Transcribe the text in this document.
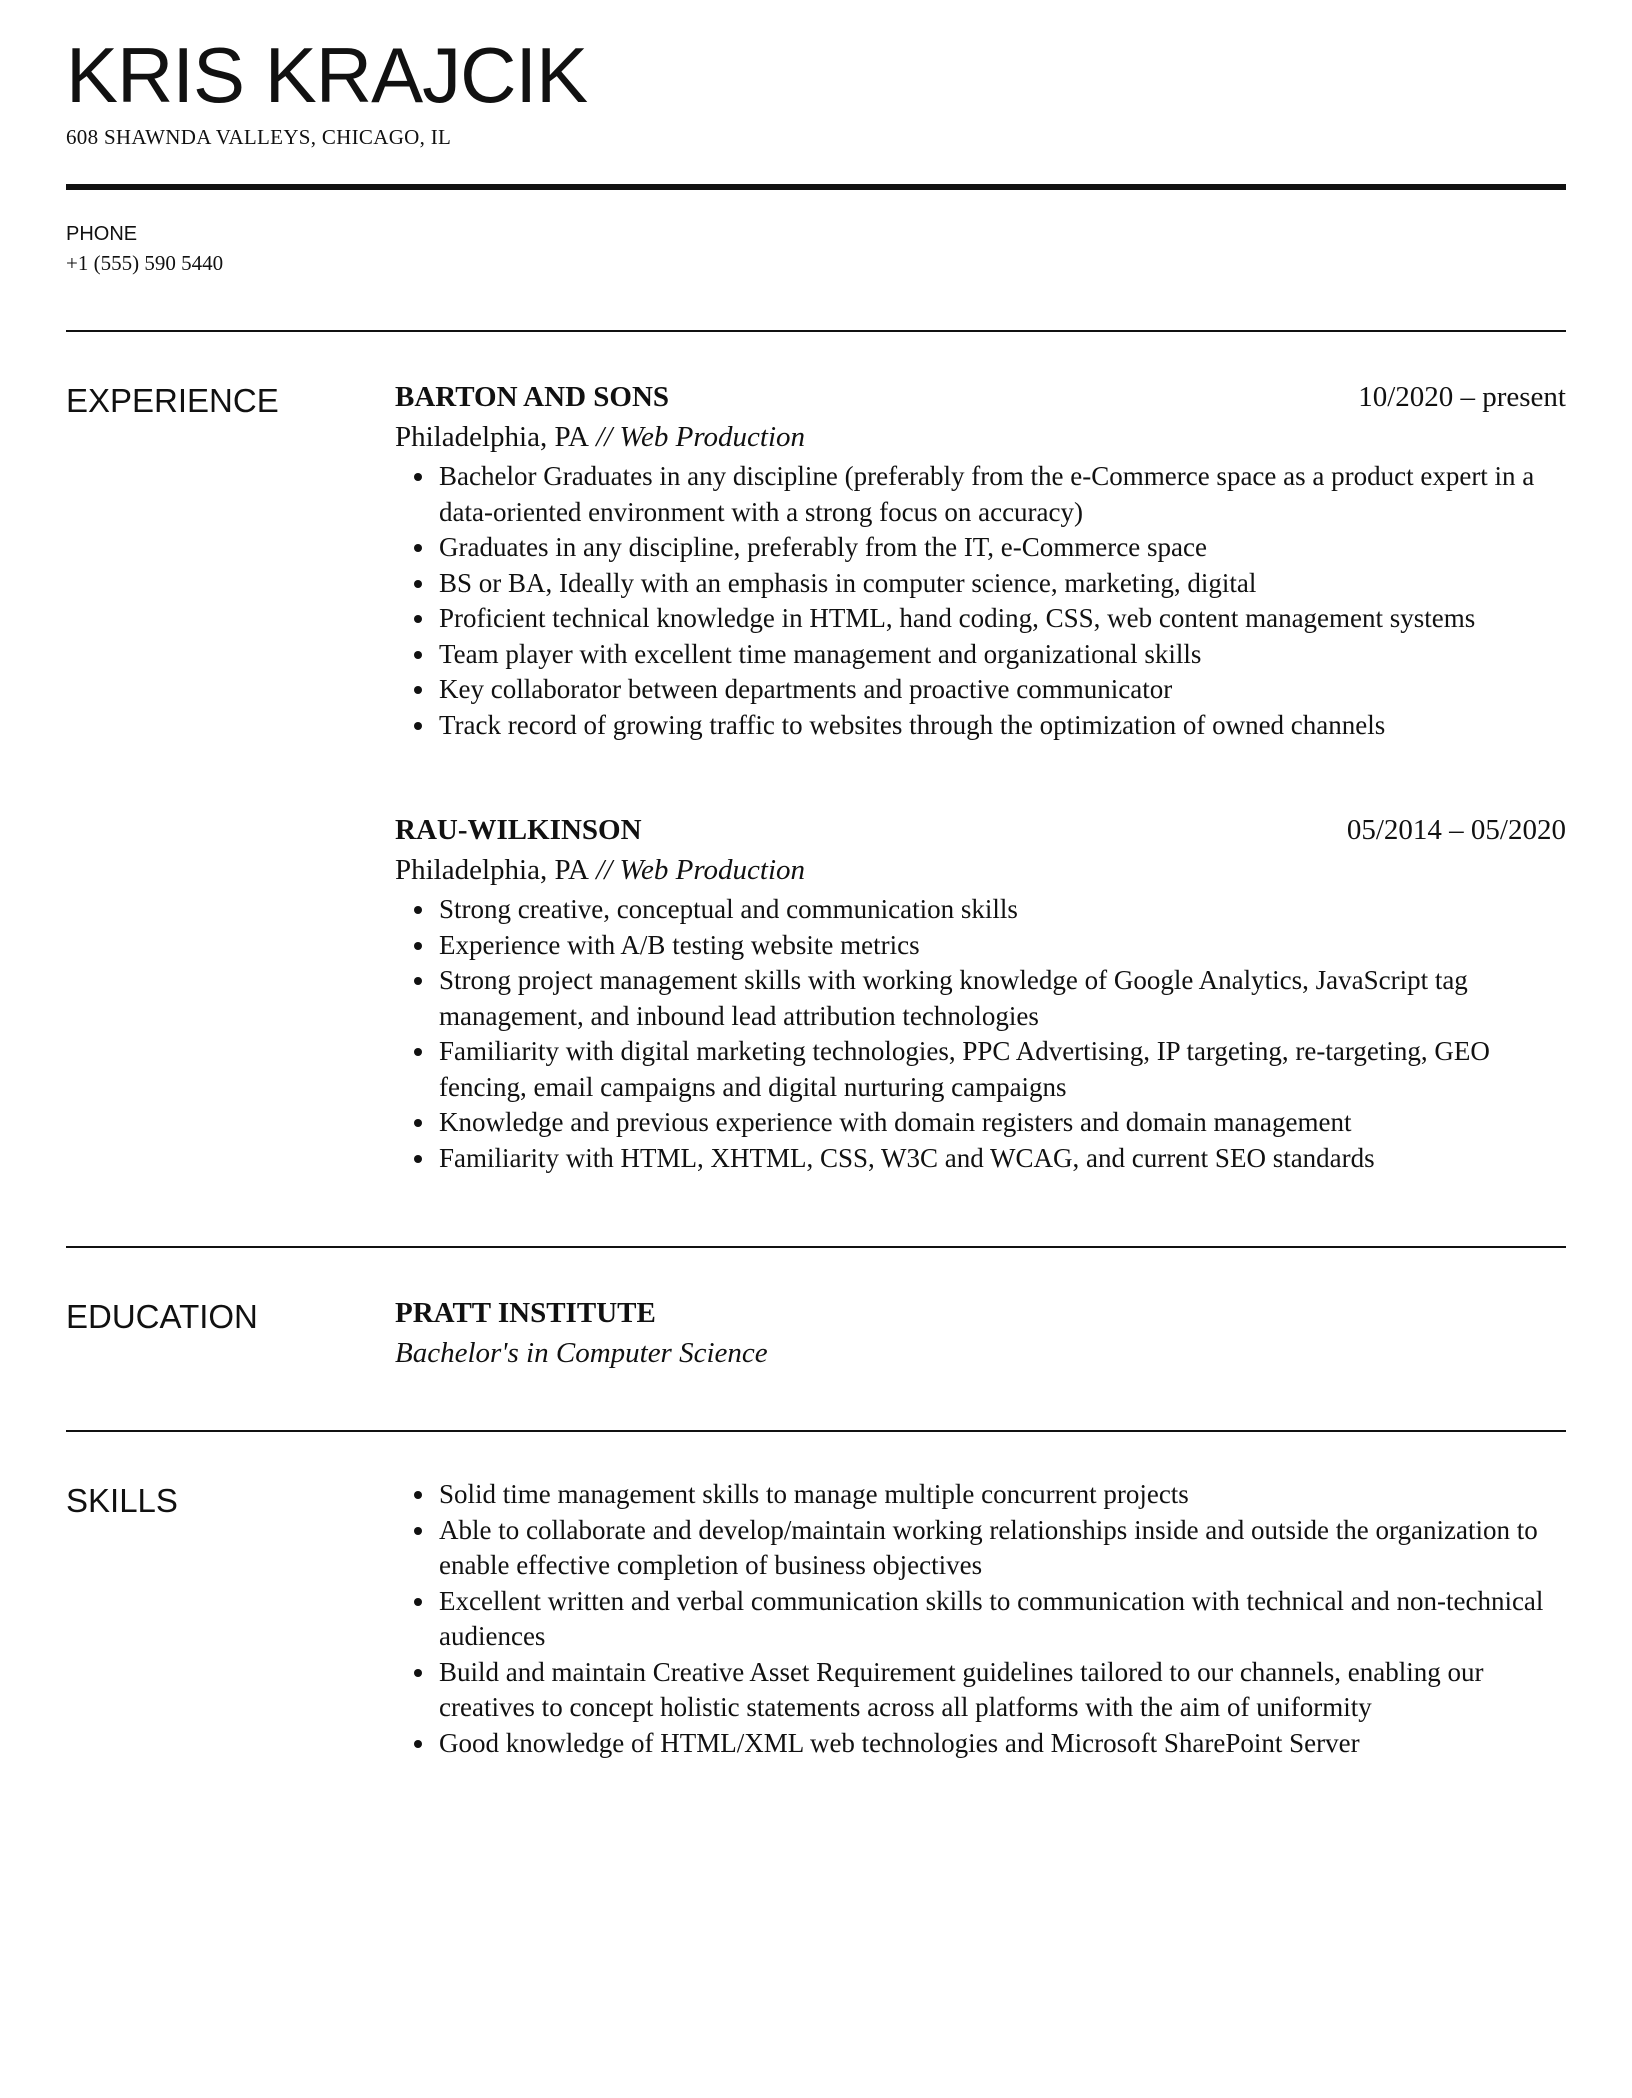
KRIS KRAJCIK
608 SHAWNDA VALLEYS, CHICAGO, IL
PHONE
+1 (555) 590 5440
EXPERIENCE	BARTON AND SONS	10/2020 – present
Philadelphia, PA // Web Production
• Bachelor Graduates in any discipline (preferably from the e-Commerce space as a product expert in a data-oriented environment with a strong focus on accuracy)
• Graduates in any discipline, preferably from the IT, e-Commerce space
• BS or BA, Ideally with an emphasis in computer science, marketing, digital
• Proficient technical knowledge in HTML, hand coding, CSS, web content management systems
• Team player with excellent time management and organizational skills
• Key collaborator between departments and proactive communicator
• Track record of growing traffic to websites through the optimization of owned channels
RAU-WILKINSON	05/2014 – 05/2020
Philadelphia, PA // Web Production
• Strong creative, conceptual and communication skills
• Experience with A/B testing website metrics
• Strong project management skills with working knowledge of Google Analytics, JavaScript tag management, and inbound lead attribution technologies
• Familiarity with digital marketing technologies, PPC Advertising, IP targeting, re-targeting, GEO fencing, email campaigns and digital nurturing campaigns
• Knowledge and previous experience with domain registers and domain management
• Familiarity with HTML, XHTML, CSS, W3C and WCAG, and current SEO standards
EDUCATION	PRATT INSTITUTE
Bachelor's in Computer Science
SKILLS
•	Solid time management skills to manage multiple concurrent projects
• Able to collaborate and develop/maintain working relationships inside and outside the organization to enable effective completion of business objectives
• Excellent written and verbal communication skills to communication with technical and non-technical audiences
• Build and maintain Creative Asset Requirement guidelines tailored to our channels, enabling our creatives to concept holistic statements across all platforms with the aim of uniformity
• Good knowledge of HTML/XML web technologies and Microsoft SharePoint Server
